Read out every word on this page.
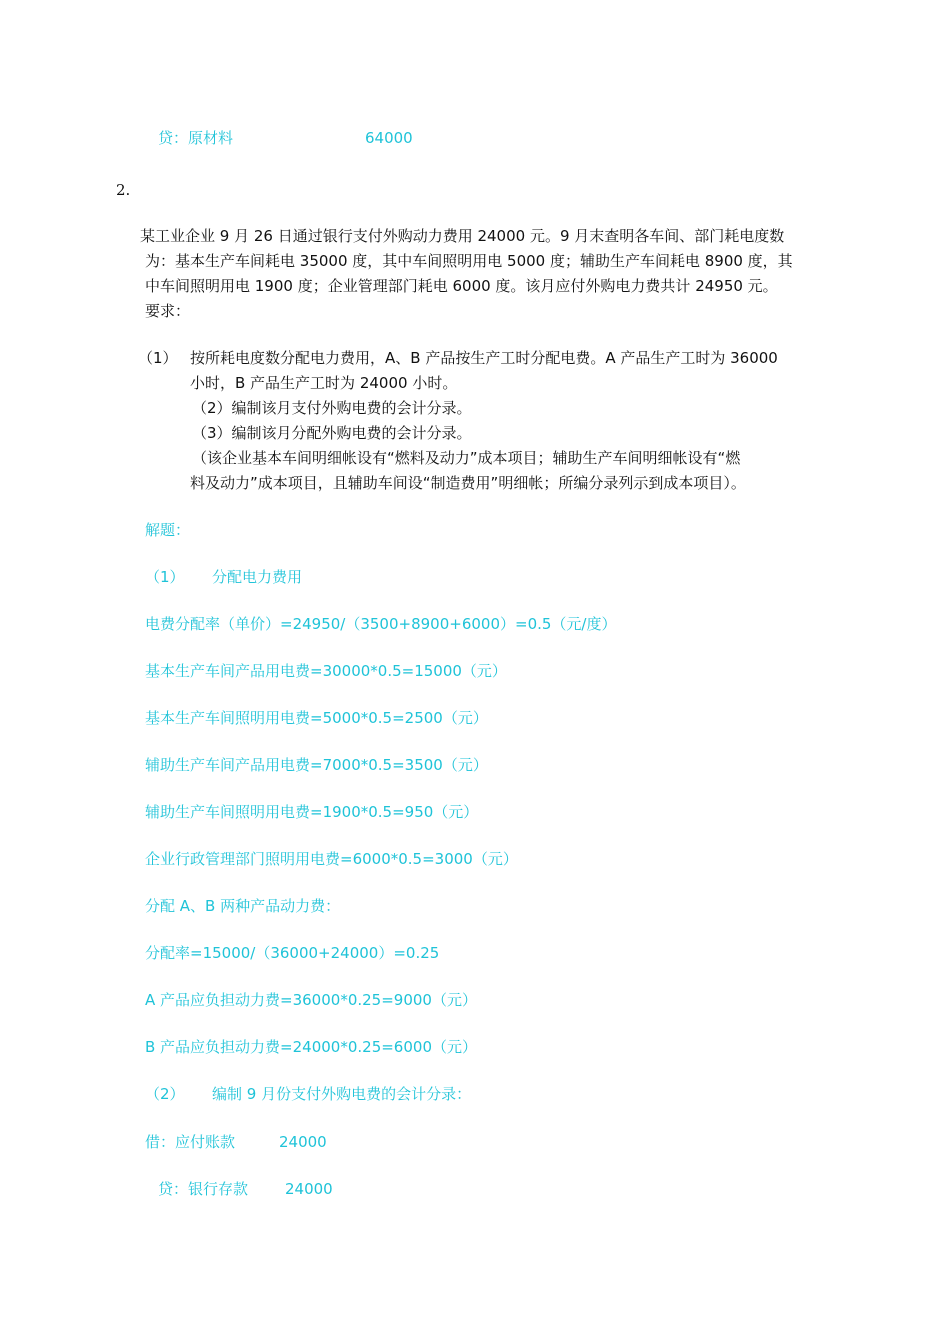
贷：原材料	64000
2.
某工业企业 9 月 26 日通过银行支付外购动力费用 24000 元。9 月末查明各车间、部门耗电度数
为：基本生产车间耗电 35000 度，其中车间照明用电 5000 度；辅助生产车间耗电 8900 度，其
中车间照明用电 1900 度；企业管理部门耗电 6000 度。该月应付外购电力费共计 24950 元。
要求：
（1） 按所耗电度数分配电力费用，A、B 产品按生产工时分配电费。A 产品生产工时为 36000
小时，B 产品生产工时为 24000 小时。
（2）编制该月支付外购电费的会计分录。
（3）编制该月分配外购电费的会计分录。
（该企业基本车间明细帐设有“燃料及动力”成本项目；辅助生产车间明细帐设有“燃
料及动力”成本项目，且辅助车间设“制造费用”明细帐；所编分录列示到成本项目）。
解题：
（1） 分配电力费用
电费分配率（单价）=24950/（3500+8900+6000）=0.5（元/度）
基本生产车间产品用电费=30000*0.5=15000（元）
基本生产车间照明用电费=5000*0.5=2500（元）
辅助生产车间产品用电费=7000*0.5=3500（元）
辅助生产车间照明用电费=1900*0.5=950（元）
企业行政管理部门照明用电费=6000*0.5=3000（元）
分配 A、B 两种产品动力费：
分配率=15000/（36000+24000）=0.25
A 产品应负担动力费=36000*0.25=9000（元）
B 产品应负担动力费=24000*0.25=6000（元）
（2） 编制 9 月份支付外购电费的会计分录：
借：应付账款	24000
贷：银行存款 24000
